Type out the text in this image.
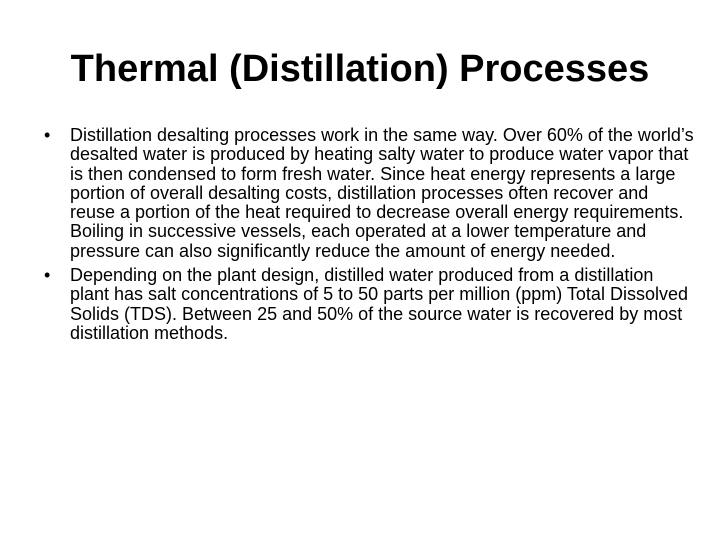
Thermal (Distillation) Processes
•	Distillation desalting processes work in the same way. Over 60% of the world’s desalted water is produced by heating salty water to produce water vapor that is then condensed to form fresh water. Since heat energy represents a large portion of overall desalting costs, distillation processes often recover and reuse a portion of the heat required to decrease overall energy requirements. Boiling in successive vessels, each operated at a lower temperature and pressure can also significantly reduce the amount of energy needed.
•	Depending on the plant design, distilled water produced from a distillation plant has salt concentrations of 5 to 50 parts per million (ppm) Total Dissolved Solids (TDS). Between 25 and 50% of the source water is recovered by most distillation methods.
